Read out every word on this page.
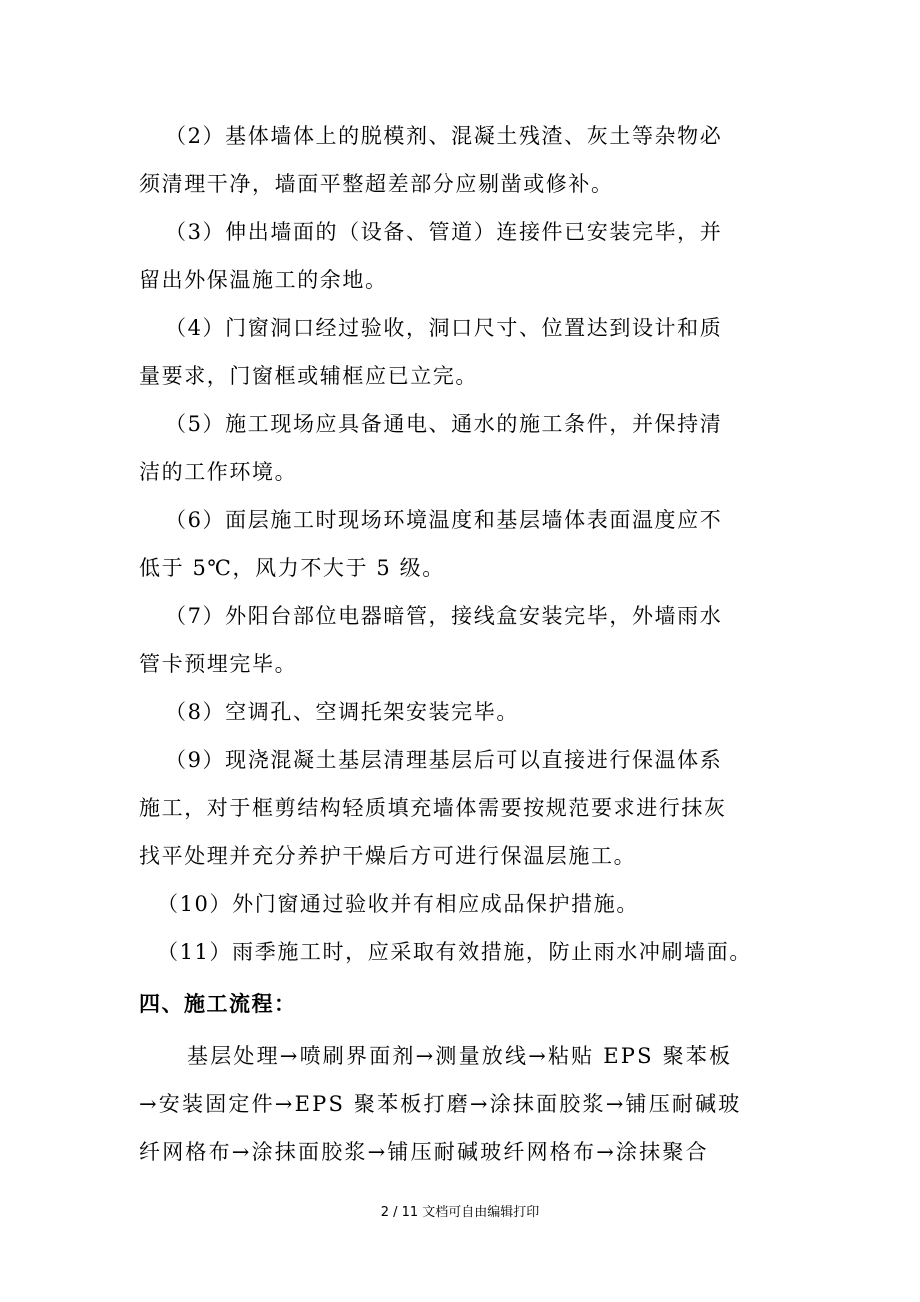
（2）基体墙体上的脱模剂、混凝土残渣、灰土等杂物必
须清理干净，墙面平整超差部分应剔凿或修补。
（3）伸出墙面的（设备、管道）连接件已安装完毕，并
留出外保温施工的余地。
（4）门窗洞口经过验收，洞口尺寸、位置达到设计和质
量要求，门窗框或辅框应已立完。
（5）施工现场应具备通电、通水的施工条件，并保持清
洁的工作环境。
（6）面层施工时现场环境温度和基层墙体表面温度应不
低于 5℃，风力不大于 5 级。
（7）外阳台部位电器暗管，接线盒安装完毕，外墙雨水
管卡预埋完毕。
（8）空调孔、空调托架安装完毕。
（9）现浇混凝土基层清理基层后可以直接进行保温体系
施工，对于框剪结构轻质填充墙体需要按规范要求进行抹灰
找平处理并充分养护干燥后方可进行保温层施工。
（10）外门窗通过验收并有相应成品保护措施。
（11）雨季施工时，应采取有效措施，防止雨水冲刷墙面。
四、施工流程：
基层处理→喷刷界面剂→测量放线→粘贴 EPS 聚苯板
→安装固定件→EPS 聚苯板打磨→涂抹面胶浆→铺压耐碱玻
纤网格布→涂抹面胶浆→铺压耐碱玻纤网格布→涂抹聚合
2 / 11 文档可自由编辑打印
